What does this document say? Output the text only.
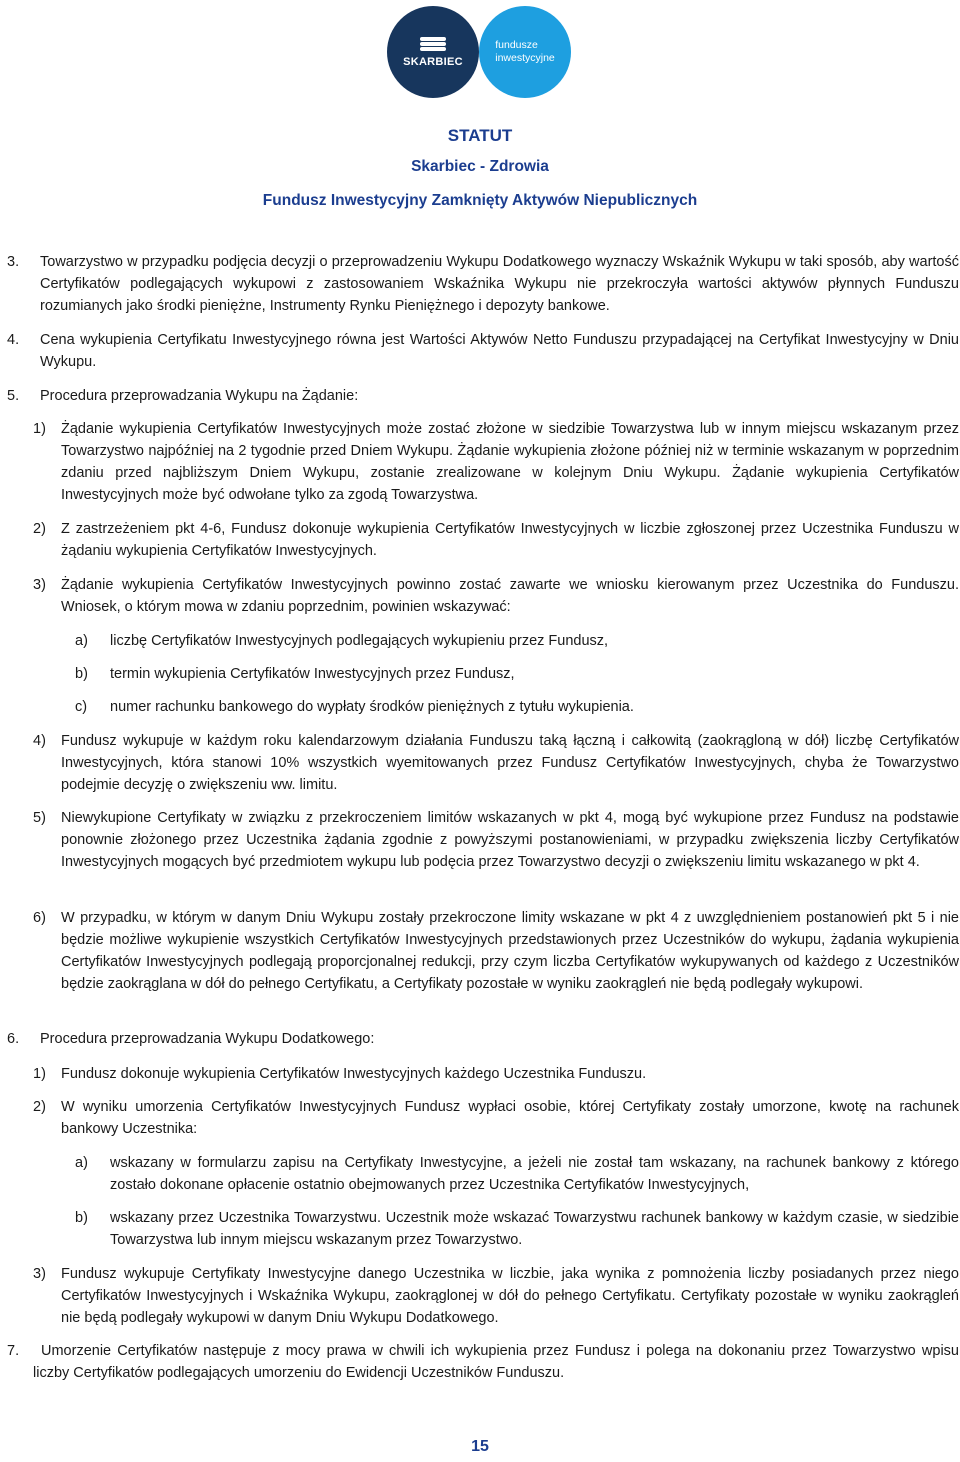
SKARBIEC
fundusze
inwestycyjne
STATUT
Skarbiec - Zdrowia
Fundusz Inwestycyjny Zamknięty Aktywów Niepublicznych
3. Towarzystwo w przypadku podjęcia decyzji o przeprowadzeniu Wykupu Dodatkowego wyznaczy Wskaźnik Wykupu w taki sposób, aby wartość Certyfikatów podlegających wykupowi z zastosowaniem Wskaźnika Wykupu nie przekroczyła wartości aktywów płynnych Funduszu rozumianych jako środki pieniężne, Instrumenty Rynku Pieniężnego i depozyty bankowe.
4. Cena wykupienia Certyfikatu Inwestycyjnego równa jest Wartości Aktywów Netto Funduszu przypadającej na Certyfikat Inwestycyjny w Dniu Wykupu.
5. Procedura przeprowadzania Wykupu na Żądanie:
1) Żądanie wykupienia Certyfikatów Inwestycyjnych może zostać złożone w siedzibie Towarzystwa lub w innym miejscu wskazanym przez Towarzystwo najpóźniej na 2 tygodnie przed Dniem Wykupu. Żądanie wykupienia złożone później niż w terminie wskazanym w poprzednim zdaniu przed najbliższym Dniem Wykupu, zostanie zrealizowane w kolejnym Dniu Wykupu. Żądanie wykupienia Certyfikatów Inwestycyjnych może być odwołane tylko za zgodą Towarzystwa.
2) Z zastrzeżeniem pkt 4-6, Fundusz dokonuje wykupienia Certyfikatów Inwestycyjnych w liczbie zgłoszonej przez Uczestnika Funduszu w żądaniu wykupienia Certyfikatów Inwestycyjnych.
3) Żądanie wykupienia Certyfikatów Inwestycyjnych powinno zostać zawarte we wniosku kierowanym przez Uczestnika do Funduszu. Wniosek, o którym mowa w zdaniu poprzednim, powinien wskazywać:
a) liczbę Certyfikatów Inwestycyjnych podlegających wykupieniu przez Fundusz,
b) termin wykupienia Certyfikatów Inwestycyjnych przez Fundusz,
c) numer rachunku bankowego do wypłaty środków pieniężnych z tytułu wykupienia.
4) Fundusz wykupuje w każdym roku kalendarzowym działania Funduszu taką łączną i całkowitą (zaokrągloną w dół) liczbę Certyfikatów Inwestycyjnych, która stanowi 10% wszystkich wyemitowanych przez Fundusz Certyfikatów Inwestycyjnych, chyba że Towarzystwo podejmie decyzję o zwiększeniu ww. limitu.
5) Niewykupione Certyfikaty w związku z przekroczeniem limitów wskazanych w pkt 4, mogą być wykupione przez Fundusz na podstawie ponownie złożonego przez Uczestnika żądania zgodnie z powyższymi postanowieniami, w przypadku zwiększenia liczby Certyfikatów Inwestycyjnych mogących być przedmiotem wykupu lub podęcia przez Towarzystwo decyzji o zwiększeniu limitu wskazanego w pkt 4.
6) W przypadku, w którym w danym Dniu Wykupu zostały przekroczone limity wskazane w pkt 4 z uwzględnieniem postanowień pkt 5 i nie będzie możliwe wykupienie wszystkich Certyfikatów Inwestycyjnych przedstawionych przez Uczestników do wykupu, żądania wykupienia Certyfikatów Inwestycyjnych podlegają proporcjonalnej redukcji, przy czym liczba Certyfikatów wykupywanych od każdego z Uczestników będzie zaokrąglana w dół do pełnego Certyfikatu, a Certyfikaty pozostałe w wyniku zaokrągleń nie będą podlegały wykupowi.
6. Procedura przeprowadzania Wykupu Dodatkowego:
1) Fundusz dokonuje wykupienia Certyfikatów Inwestycyjnych każdego Uczestnika Funduszu.
2) W wyniku umorzenia Certyfikatów Inwestycyjnych Fundusz wypłaci osobie, której Certyfikaty zostały umorzone, kwotę na rachunek bankowy Uczestnika:
a) wskazany w formularzu zapisu na Certyfikaty Inwestycyjne, a jeżeli nie został tam wskazany, na rachunek bankowy z którego zostało dokonane opłacenie ostatnio obejmowanych przez Uczestnika Certyfikatów Inwestycyjnych,
b) wskazany przez Uczestnika Towarzystwu. Uczestnik może wskazać Towarzystwu rachunek bankowy w każdym czasie, w siedzibie Towarzystwa lub innym miejscu wskazanym przez Towarzystwo.
3) Fundusz wykupuje Certyfikaty Inwestycyjne danego Uczestnika w liczbie, jaka wynika z pomnożenia liczby posiadanych przez niego Certyfikatów Inwestycyjnych i Wskaźnika Wykupu, zaokrąglonej w dół do pełnego Certyfikatu. Certyfikaty pozostałe w wyniku zaokrągleń nie będą podlegały wykupowi w danym Dniu Wykupu Dodatkowego.
7.	Umorzenie Certyfikatów następuje z mocy prawa w chwili ich wykupienia przez Fundusz i polega na dokonaniu przez Towarzystwo wpisu liczby Certyfikatów podlegających umorzeniu do Ewidencji Uczestników Funduszu.
15
